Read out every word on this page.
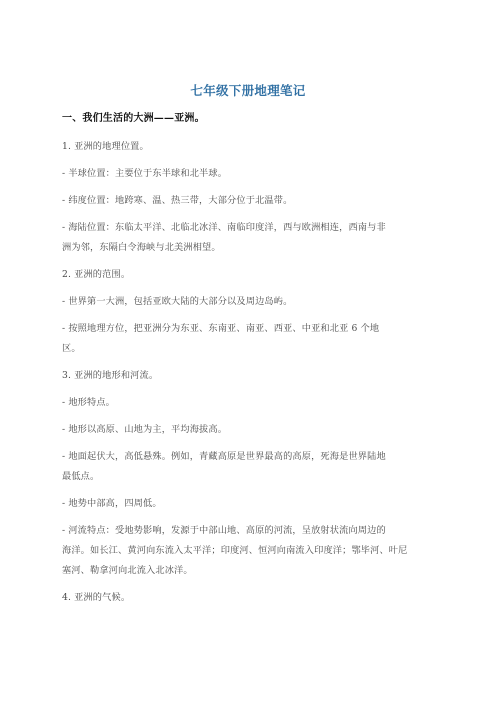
七年级下册地理笔记
一、我们生活的大洲——亚洲。
1. 亚洲的地理位置。
- 半球位置：主要位于东半球和北半球。
- 纬度位置：地跨寒、温、热三带，大部分位于北温带。
- 海陆位置：东临太平洋、北临北冰洋、南临印度洋，西与欧洲相连，西南与非
洲为邻，东隔白令海峡与北美洲相望。
2. 亚洲的范围。
- 世界第一大洲，包括亚欧大陆的大部分以及周边岛屿。
- 按照地理方位，把亚洲分为东亚、东南亚、南亚、西亚、中亚和北亚 6 个地
区。
3. 亚洲的地形和河流。
- 地形特点。
- 地形以高原、山地为主，平均海拔高。
- 地面起伏大，高低悬殊。例如，青藏高原是世界最高的高原，死海是世界陆地
最低点。
- 地势中部高，四周低。
- 河流特点：受地势影响，发源于中部山地、高原的河流，呈放射状流向周边的
海洋。如长江、黄河向东流入太平洋；印度河、恒河向南流入印度洋；鄂毕河、叶尼
塞河、勒拿河向北流入北冰洋。
4. 亚洲的气候。
